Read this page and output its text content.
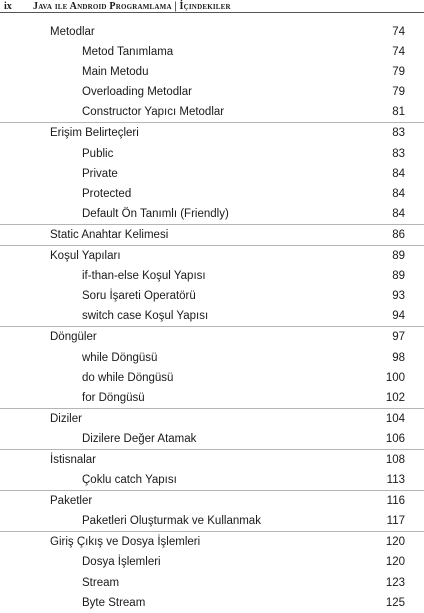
ix Java ile Android Programlama | İçindekiler
Metodlar	74
Metod Tanımlama	74
Main Metodu	79
Overloading Metodlar	79
Constructor Yapıcı Metodlar	81
Erişim Belirteçleri	83
Public	83
Private	84
Protected	84
Default Ön Tanımlı (Friendly)	84
Static Anahtar Kelimesi	86
Koşul Yapıları	89
if-than-else Koşul Yapısı	89
Soru İşareti Operatörü	93
switch case Koşul Yapısı	94
Döngüler	97
while Döngüsü	98
do while Döngüsü	100
for Döngüsü	102
Diziler	104
Dizilere Değer Atamak	106
İstisnalar	108
Çoklu catch Yapısı	113
Paketler	116
Paketleri Oluşturmak ve Kullanmak	117
Giriş Çıkış ve Dosya İşlemleri	120
Dosya İşlemleri	120
Stream	123
Byte Stream	125
